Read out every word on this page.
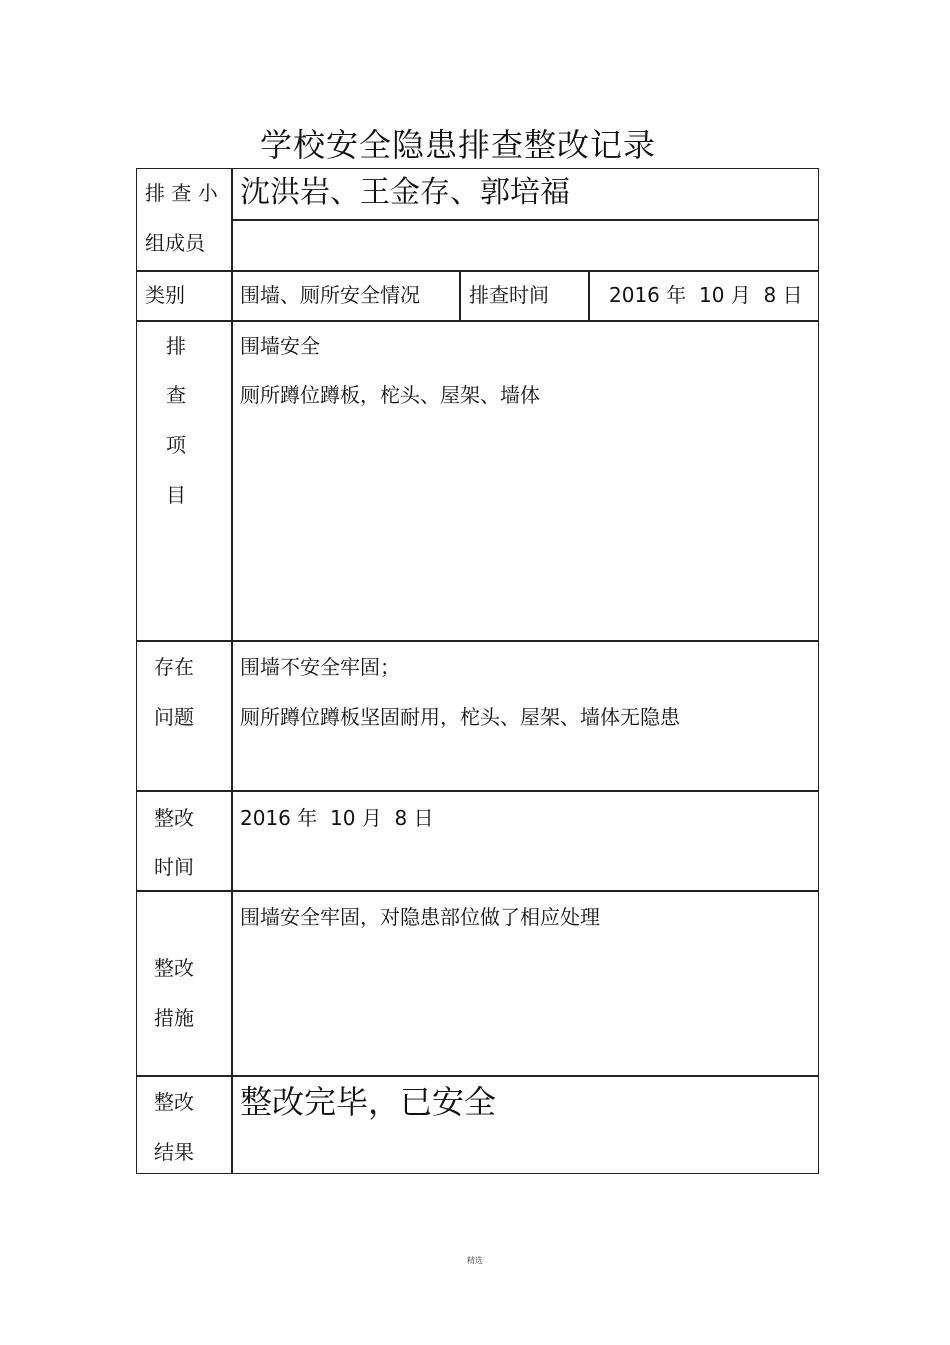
学校安全隐患排查整改记录
排 查 小
组成员
沈洪岩、王金存、郭培福
类别	围墙、厕所安全情况 排查时间	2016 年  10 月  8 日
排
查
项
目
围墙安全
厕所蹲位蹲板，柁头、屋架、墙体
存在
问题
围墙不安全牢固；
厕所蹲位蹲板坚固耐用，柁头、屋架、墙体无隐患
整改
时间
2016 年  10 月  8 日
围墙安全牢固，对隐患部位做了相应处理
整改
措施
整改
结果
整改完毕，已安全
精选
